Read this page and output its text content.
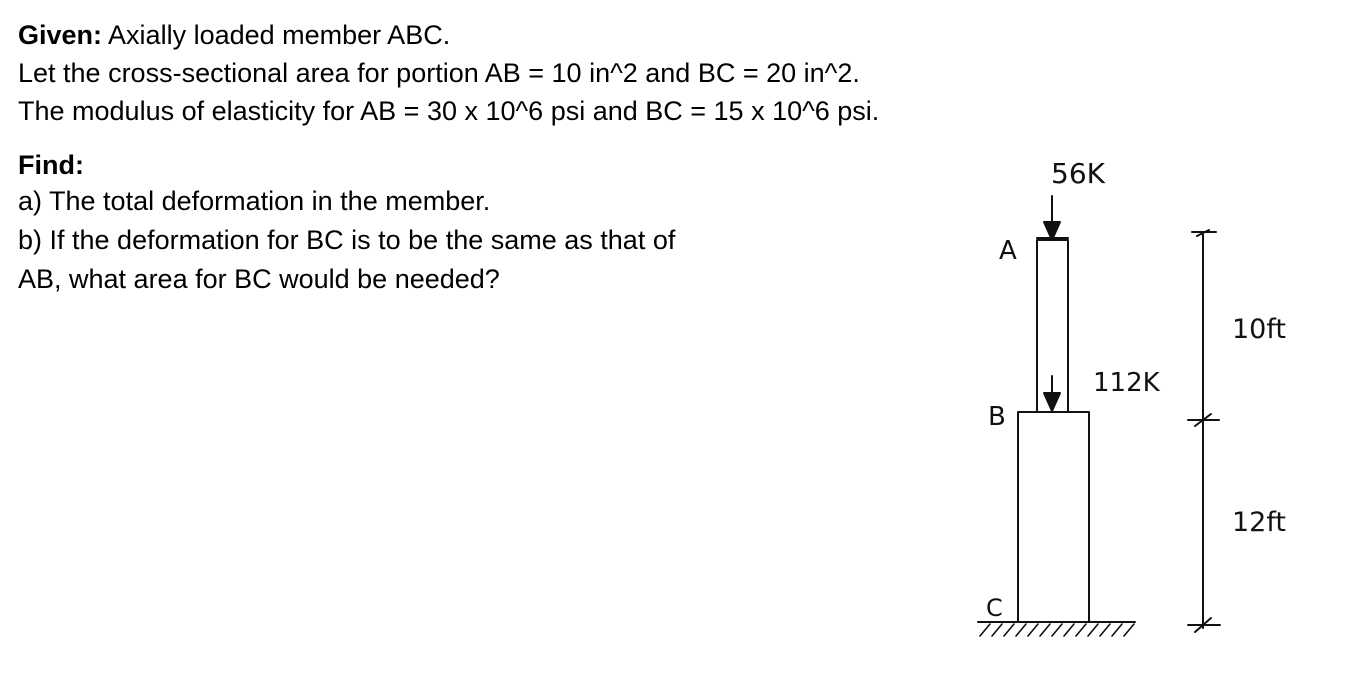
Given: Axially loaded member ABC.
Let the cross-sectional area for portion AB = 10 in^2 and BC = 20 in^2.
The modulus of elasticity for AB = 30 x 10^6 psi and BC = 15 x 10^6 psi.
Find:
a) The total deformation in the member.
b) If the deformation for BC is to be the same as that of
AB, what area for BC would be needed?
56K
112K
A
B
C
10ft
12ft
